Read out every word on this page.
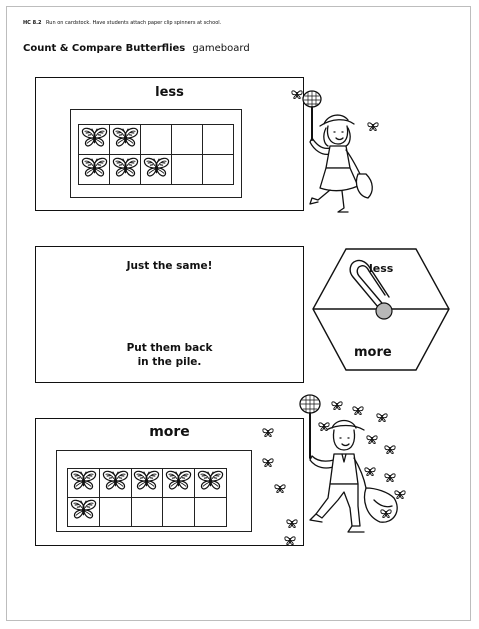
HC 8.2 Run on cardstock. Have students attach paper clip spinners at school.
Count & Compare Butterflies gameboard
less

Just the same!
Put them back
in the pile.
less
more
more
